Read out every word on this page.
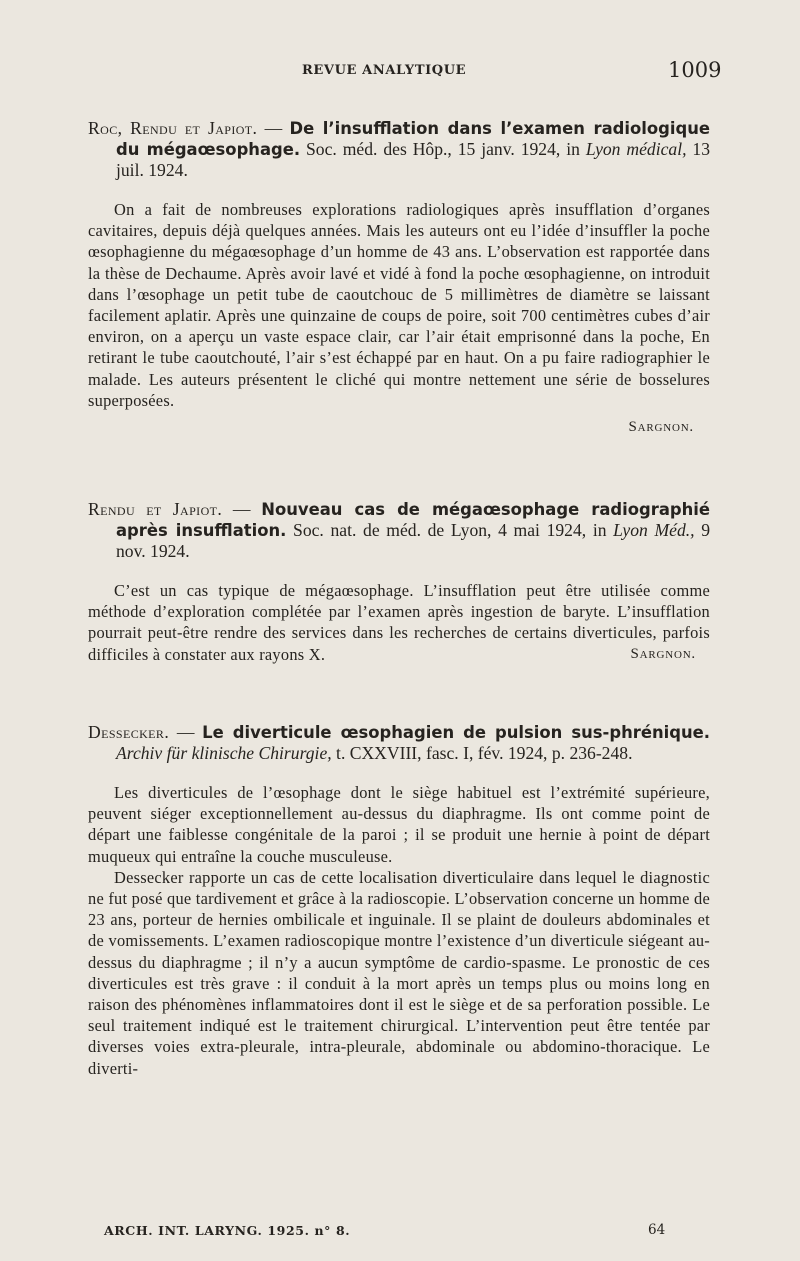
REVUE ANALYTIQUE	1009
Roc, Rendu et Japiot. — De l’insufflation dans l’examen radiologique du mégaœsophage. Soc. méd. des Hôp., 15 janv. 1924, in Lyon médical, 13 juil. 1924.

On a fait de nombreuses explorations radiologiques après insufflation d’organes cavitaires, depuis déjà quelques années. Mais les auteurs ont eu l’idée d’insuffler la poche œsophagienne du mégaœsophage d’un homme de 43 ans. L’observation est rapportée dans la thèse de Dechaume. Après avoir lavé et vidé à fond la poche œsophagienne, on introduit dans l’œsophage un petit tube de caoutchouc de 5 millimètres de diamètre se laissant facilement aplatir. Après une quinzaine de coups de poire, soit 700 centimètres cubes d’air environ, on a aperçu un vaste espace clair, car l’air était emprisonné dans la poche, En retirant le tube caoutchouté, l’air s’est échappé par en haut. On a pu faire radiographier le malade. Les auteurs présentent le cliché qui montre nettement une série de bosselures superposées.

Sargnon.
Rendu et Japiot. — Nouveau cas de mégaœsophage radiographié après insufflation. Soc. nat. de méd. de Lyon, 4 mai 1924, in Lyon Méd., 9 nov. 1924.

C’est un cas typique de mégaœsophage. L’insufflation peut être utilisée comme méthode d’exploration complétée par l’examen après ingestion de baryte. L’insufflation pourrait peut-être rendre des services dans les recherches de certains diverticules, parfois difficiles à constater aux rayons X.	Sargnon.

Dessecker. — Le diverticule œsophagien de pulsion sus-phrénique. Archiv für klinische Chirurgie, t. CXXVIII, fasc. I, fév. 1924, p. 236-248.

Les diverticules de l’œsophage dont le siège habituel est l’extrémité supérieure, peuvent siéger exceptionnellement au-dessus du diaphragme. Ils ont comme point de départ une faiblesse congénitale de la paroi ; il se produit une hernie à point de départ muqueux qui entraîne la couche musculeuse.

Dessecker rapporte un cas de cette localisation diverticulaire dans lequel le diagnostic ne fut posé que tardivement et grâce à la radioscopie. L’observation concerne un homme de 23 ans, porteur de hernies ombilicale et inguinale. Il se plaint de douleurs abdominales et de vomissements. L’examen radioscopique montre l’existence d’un diverticule siégeant au-dessus du diaphragme ; il n’y a aucun symptôme de cardio-spasme. Le pronostic de ces diverticules est très grave : il conduit à la mort après un temps plus ou moins long en raison des phénomènes inflammatoires dont il est le siège et de sa perforation possible. Le seul traitement indiqué est le traitement chirurgical. L’intervention peut être tentée par diverses voies extra-pleurale, intra-pleurale, abdominale ou abdomino-thoracique. Le diverti-

ARCH. INT. LARYNG. 1925. n° 8.	64
